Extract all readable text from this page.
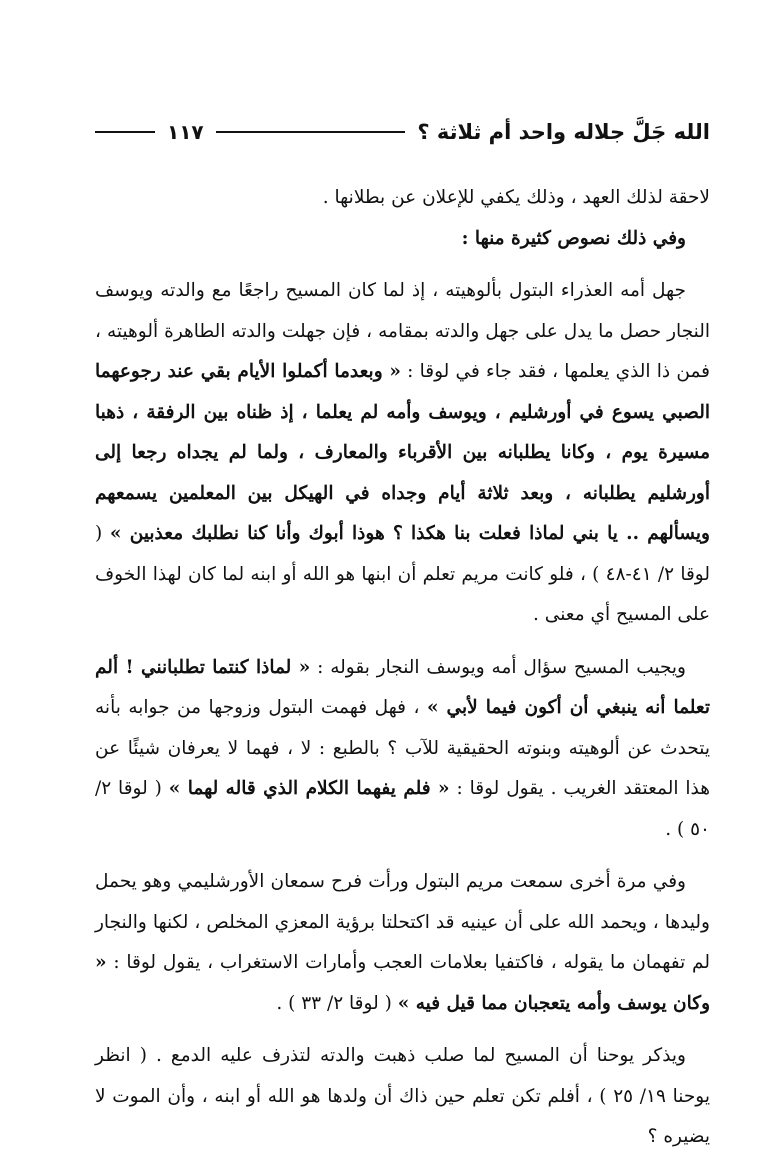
الله جَلَّ جلاله واحد أم ثلاثة ؟
١١٧

لاحقة لذلك العهد ، وذلك يكفي للإعلان عن بطلانها .

وفي ذلك نصوص كثيرة منها :

جهل أمه العذراء البتول بألوهيته ، إذ لما كان المسيح راجعًا مع والدته ويوسف النجار حصل ما يدل على جهل والدته بمقامه ، فإن جهلت والدته الطاهرة ألوهيته ، فمن ذا الذي يعلمها ، فقد جاء في لوقا : « وبعدما أكملوا الأيام بقي عند رجوعهما الصبي يسوع في أورشليم ، ويوسف وأمه لم يعلما ، إذ ظناه بين الرفقة ، ذهبا مسيرة يوم ، وكانا يطلبانه بين الأقرباء والمعارف ، ولما لم يجداه رجعا إلى أورشليم يطلبانه ، وبعد ثلاثة أيام وجداه في الهيكل بين المعلمين يسمعهم ويسألهم .. يا بني لماذا فعلت بنا هكذا ؟ هوذا أبوك وأنا كنا نطلبك معذبين » ( لوقا ٢/ ٤١-٤٨ ) ، فلو كانت مريم تعلم أن ابنها هو الله أو ابنه لما كان لهذا الخوف على المسيح أي معنى .

ويجيب المسيح سؤال أمه ويوسف النجار بقوله : « لماذا كنتما تطلبانني ! ألم تعلما أنه ينبغي أن أكون فيما لأبي » ، فهل فهمت البتول وزوجها من جوابه بأنه يتحدث عن ألوهيته وبنوته الحقيقية للآب ؟ بالطبع : لا ، فهما لا يعرفان شيئًا عن هذا المعتقد الغريب . يقول لوقا : « فلم يفهما الكلام الذي قاله لهما » ( لوقا ٢/ ٥٠ ) .

وفي مرة أخرى سمعت مريم البتول ورأت فرح سمعان الأورشليمي وهو يحمل وليدها ، ويحمد الله على أن عينيه قد اكتحلتا برؤية المعزي المخلص ، لكنها والنجار لم تفهمان ما يقوله ، فاكتفيا بعلامات العجب وأمارات الاستغراب ، يقول لوقا : « وكان يوسف وأمه يتعجبان مما قيل فيه » ( لوقا ٢/ ٣٣ ) .

ويذكر يوحنا أن المسيح لما صلب ذهبت والدته لتذرف عليه الدمع . ( انظر يوحنا ١٩/ ٢٥ ) ، أفلم تكن تعلم حين ذاك أن ولدها هو الله أو ابنه ، وأن الموت لا يضيره ؟
